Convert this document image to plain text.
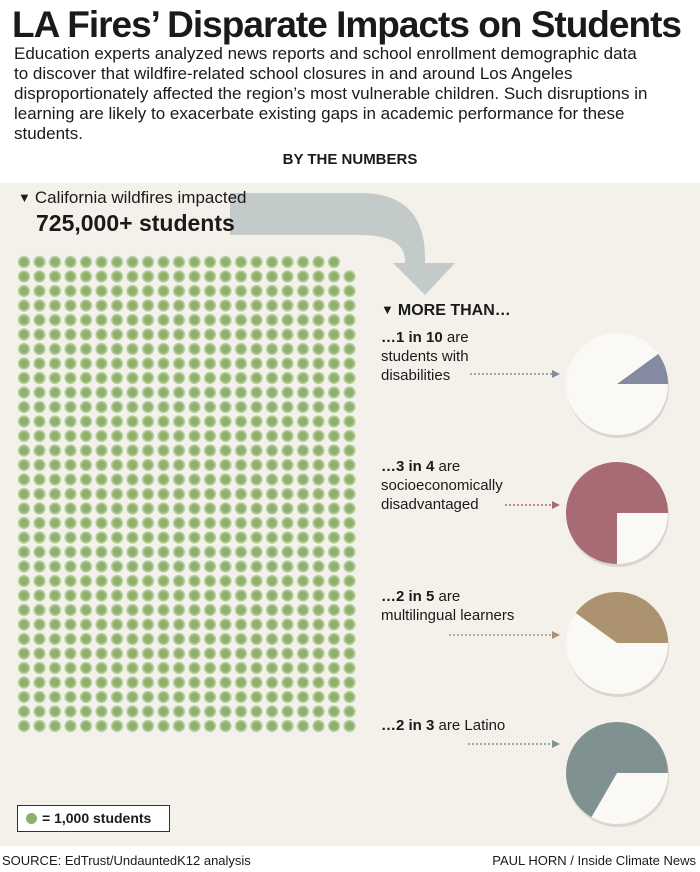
LA Fires’ Disparate Impacts on Students

Education experts analyzed news reports and school enrollment demographic data to discover that wildfire-related school closures in and around Los Angeles disproportionately affected the region’s most vulnerable children. Such disruptions in learning are likely to exacerbate existing gaps in academic performance for these students.

BY THE NUMBERS
▼ California wildfires impacted
725,000+ students
▼ MORE THAN…
…1 in 10 are students with disabilities
…3 in 4 are socioeconomically disadvantaged
…2 in 5 are multilingual learners
…2 in 3 are Latino
= 1,000 students
SOURCE: EdTrust/UndauntedK12 analysis	PAUL HORN / Inside Climate News
